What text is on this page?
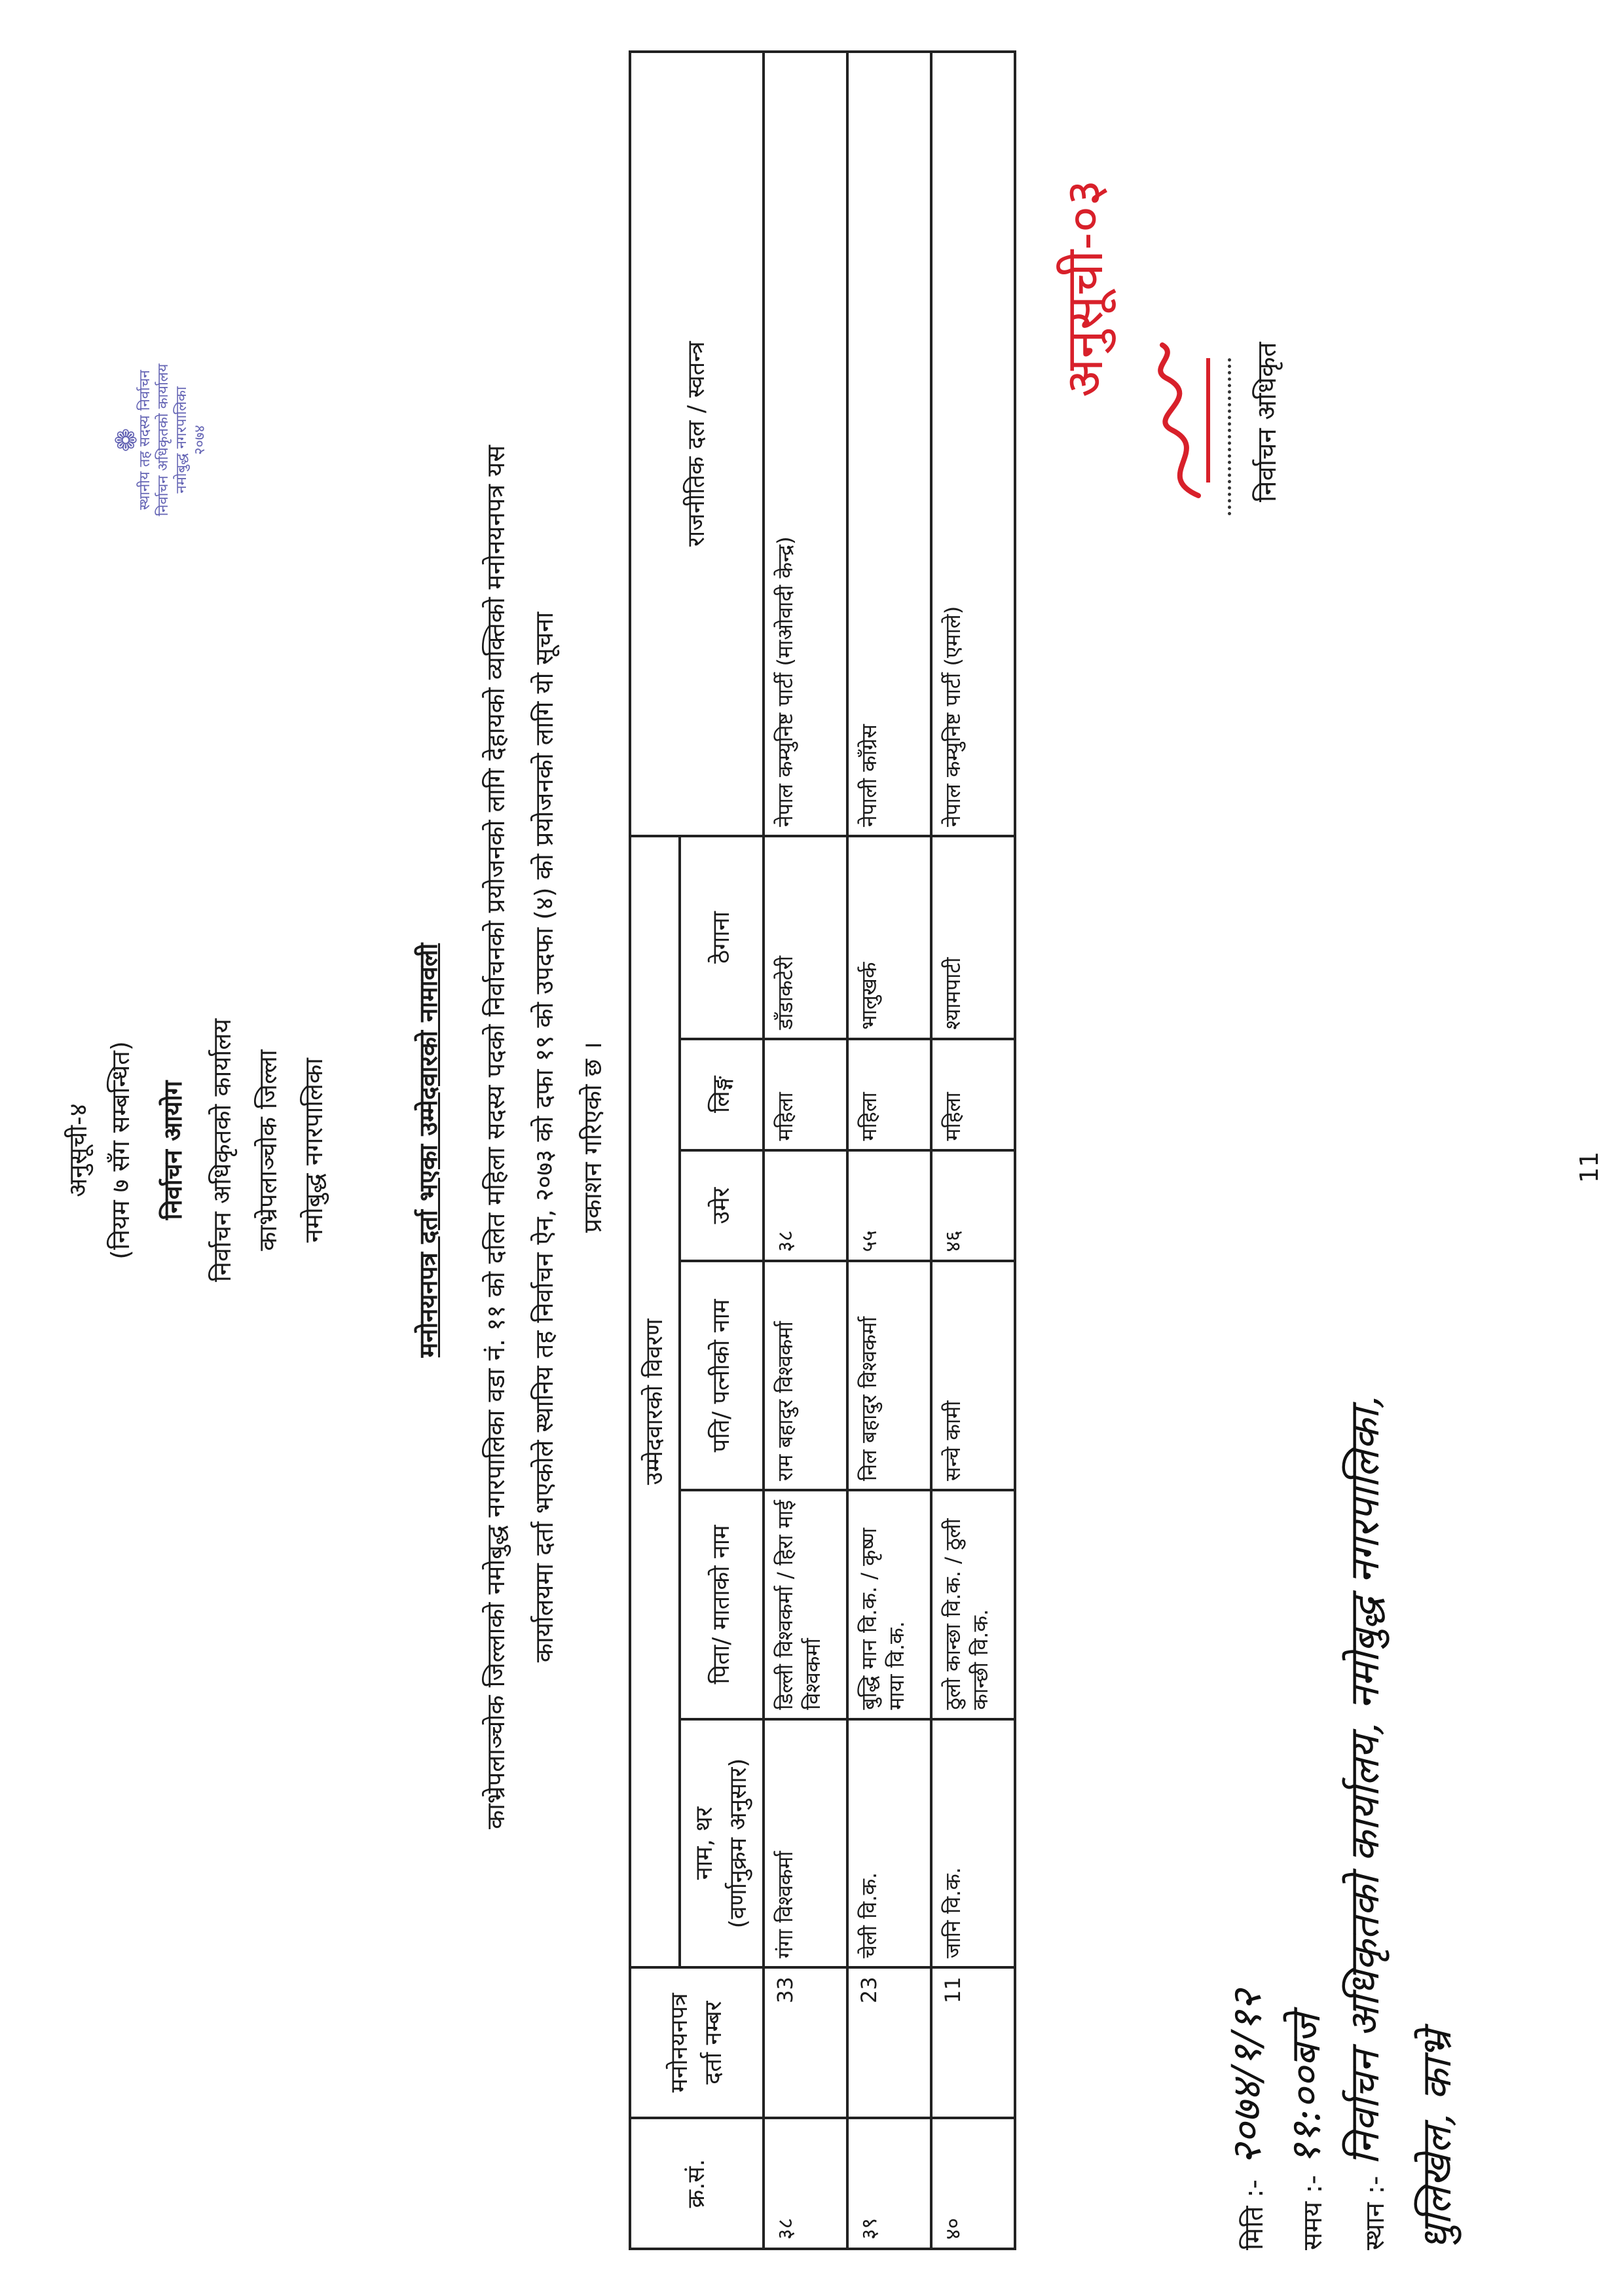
अनुसूची-४ (नियम ७ सँग सम्बन्धित) निर्वाचन आयोग निर्वाचन अधिकृतको कार्यालय काभ्रेपलाञ्चोक जिल्ला नमोबुद्ध नगरपालिका	मनोनयनपत्र दर्ता भएका उम्मेदवारको नामावली
❁
स्थानीय तह सदस्य निर्वाचन निर्वाचन अधिकृतको कार्यालय नमोबुद्ध नगरपालिका २०७४
काभ्रेपलाञ्चोक जिल्लाको नमोबुद्ध नगरपालिका वडा नं. ११ को दलित महिला सदस्य पदको निर्वाचनको प्रयोजनको लागि देहायको व्यक्तिको मनोनयनपत्र यस कार्यालयमा दर्ता भएकोले स्थानिय तह निर्वाचन ऐन, २०७३ को दफा १९ को उपदफा (४) को प्रयोजनको लागि यो सूचना प्रकाशन गरिएको छ ।
क्र.सं.	मनोनयनपत्र दर्ता नम्बर	उम्मेदवारको विवरण						राजनीतिक दल / स्वतन्त्र
		नाम, थर (वर्णानुक्रम अनुसार)	पिता/ माताको नाम	पति/ पत्नीको नाम	उमेर	लिङ्ग	ठेगाना	
३८	33	गंगा विश्वकर्मा	डिल्ली विश्वकर्मा / हिरा माई विश्वकर्मा	राम बहादुर विश्वकर्मा	३८	महिला	डाँडाकटेरी	नेपाल कम्युनिष्ट पार्टी (माओवादी केन्द्र)
३९	23	चेली वि.क.	बुद्धि मान वि.क. / कृष्ण माया वि.क.	निल बहादुर विश्वकर्मा	५५	महिला	भालुखर्क	नेपाली काँग्रेस
४०	11	जानि वि.क.	ठुलो कान्छा वि.क. / ठुली कान्छी वि.क.	सन्चे कामी	४६	महिला	श्यामपाटी	नेपाल कम्युनिष्ट पार्टी (एमाले)
मिति :-
२०७४/१/१२
समय :-
११:००बजे
स्थान :-
निर्वाचन अधिकृतको कार्यालय, नमोबुद्ध नगरपालिका, धुलिखेल, काभ्रे
निर्वाचन अधिकृत
अनुसूची-०३
11
